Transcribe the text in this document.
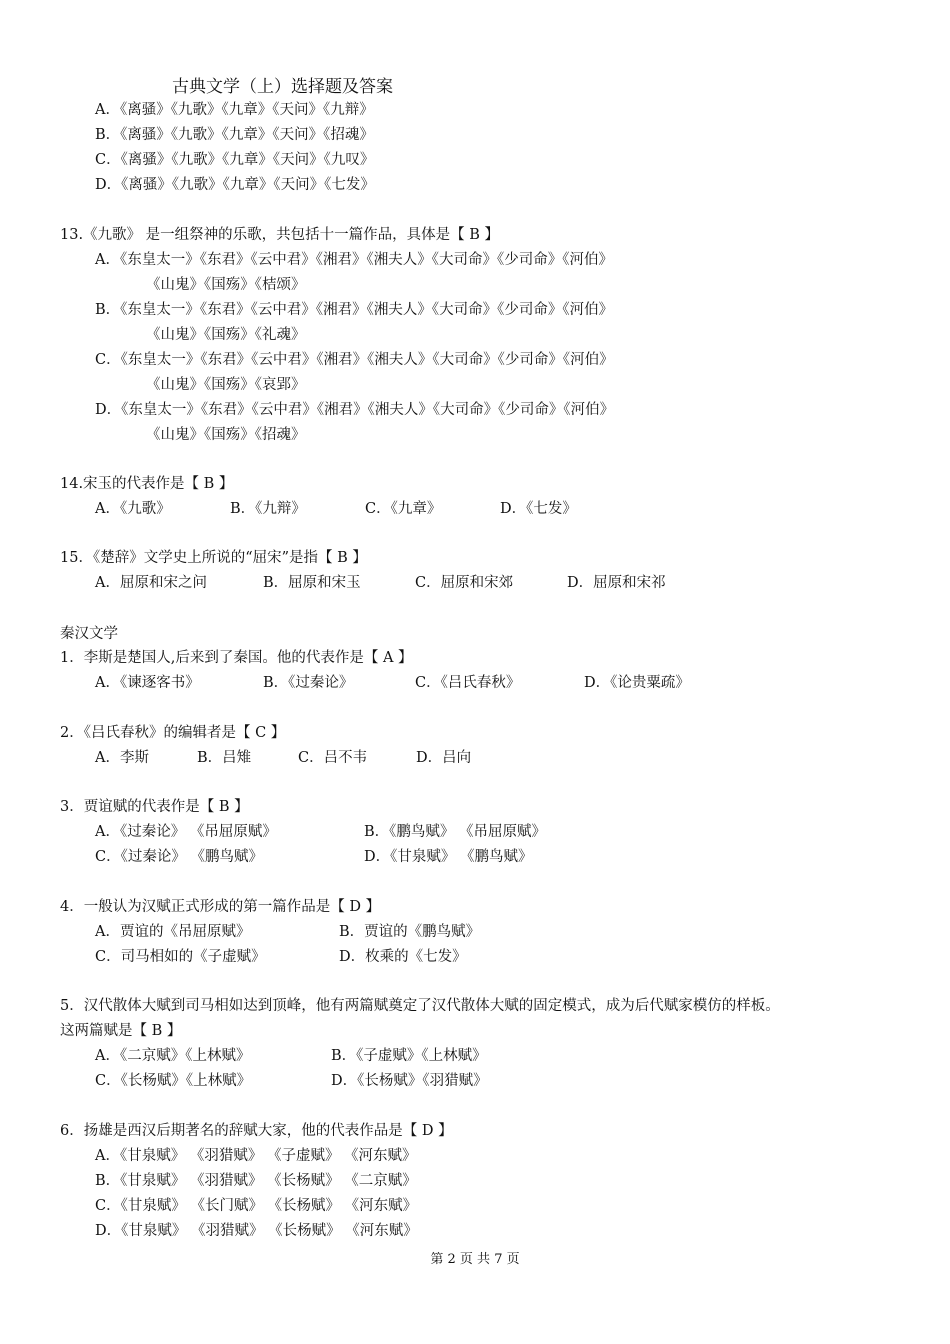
古典文学（上）选择题及答案
A．《离骚》《九歌》《九章》《天问》《九辩》
B．《离骚》《九歌》《九章》《天问》《招魂》
C．《离骚》《九歌》《九章》《天问》《九叹》
D．《离骚》《九歌》《九章》《天问》《七发》
13.《九歌》 是一组祭神的乐歌，共包括十一篇作品，具体是【 B 】
A．《东皇太一》《东君》《云中君》《湘君》《湘夫人》《大司命》《少司命》《河伯》
《山鬼》《国殇》《桔颂》
B．《东皇太一》《东君》《云中君》《湘君》《湘夫人》《大司命》《少司命》《河伯》
《山鬼》《国殇》《礼魂》
C．《东皇太一》《东君》《云中君》《湘君》《湘夫人》《大司命》《少司命》《河伯》
《山鬼》《国殇》《哀郢》
D．《东皇太一》《东君》《云中君》《湘君》《湘夫人》《大司命》《少司命》《河伯》
《山鬼》《国殇》《招魂》
14.宋玉的代表作是【 B 】
A．《九歌》	B．《九辩》	C．《九章》	D．《七发》
15．《楚辞》文学史上所说的“屈宋”是指【 B 】
A．屈原和宋之问	B．屈原和宋玉	C．屈原和宋郊	D．屈原和宋祁
秦汉文学
1．李斯是楚国人,后来到了秦国。他的代表作是【 A 】
A．《谏逐客书》	B．《过秦论》	C．《吕氏春秋》	D．《论贵粟疏》
2．《吕氏春秋》的编辑者是【 C 】
A．李斯	B．吕雉	C．吕不韦	D．吕向
3．贾谊赋的代表作是【 B 】
A．《过秦论》 《吊屈原赋》	B．《鹏鸟赋》 《吊屈原赋》
C．《过秦论》 《鹏鸟赋》	D．《甘泉赋》 《鹏鸟赋》
4．一般认为汉赋正式形成的第一篇作品是【 D 】
A．贾谊的《吊屈原赋》	B．贾谊的《鹏鸟赋》
C．司马相如的《子虚赋》	D．枚乘的《七发》
5．汉代散体大赋到司马相如达到顶峰，他有两篇赋奠定了汉代散体大赋的固定模式，成为后代赋家模仿的样板。
这两篇赋是【 B 】
A．《二京赋》《上林赋》	B．《子虚赋》《上林赋》
C．《长杨赋》《上林赋》	D．《长杨赋》《羽猎赋》
6．扬雄是西汉后期著名的辞赋大家，他的代表作品是【 D 】
A．《甘泉赋》 《羽猎赋》 《子虚赋》 《河东赋》
B．《甘泉赋》 《羽猎赋》 《长杨赋》 《二京赋》
C．《甘泉赋》 《长门赋》 《长杨赋》 《河东赋》
D．《甘泉赋》 《羽猎赋》 《长杨赋》 《河东赋》
第 2 页 共 7 页
